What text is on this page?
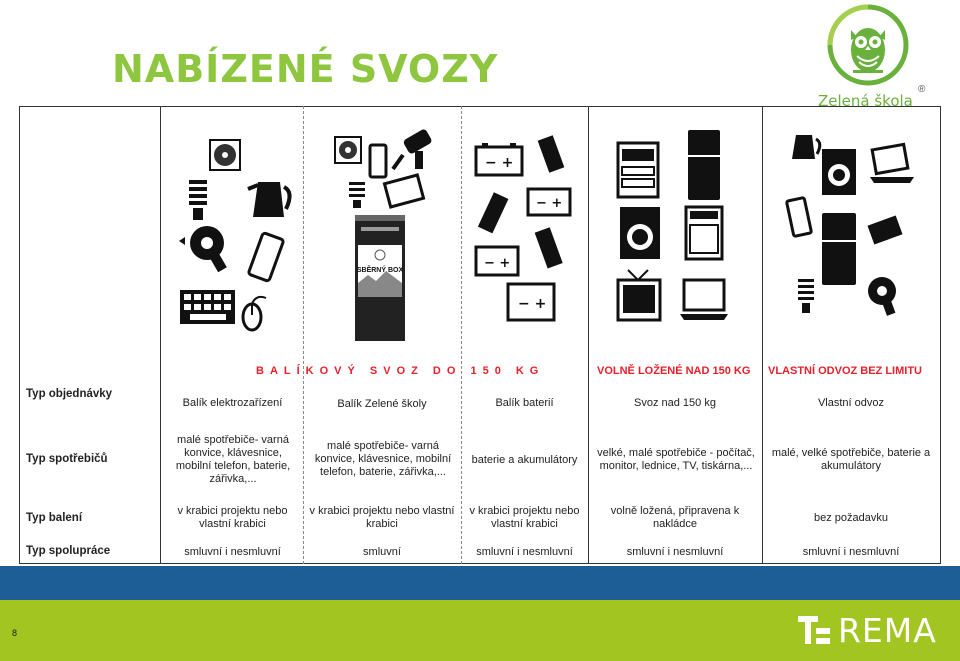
NABÍZENÉ SVOZY
Zelená škola
®
SBĚRNÝ BOX
− +
− +
− +
− +
BALÍKOVÝ SVOZ DO 150 KG	VOLNĚ LOŽENÉ NAD 150 KG VLASTNÍ ODVOZ BEZ LIMITU
Typ objednávky
Typ spotřebičů
Typ balení
Typ spolupráce
Balík elektrozařízení
malé spotřebiče- varná konvice, klávesnice, mobilní telefon, baterie, zářivka,...
v krabici projektu nebo vlastní krabici
smluvní i nesmluvní
Balík Zelené školy
malé spotřebiče- varná konvice, klávesnice, mobilní telefon, baterie, zářivka,...
v krabici projektu nebo vlastní krabici
smluvní
Balík baterií
baterie a akumulátory
v krabici projektu nebo vlastní krabici
smluvní i nesmluvní
Svoz nad 150 kg
velké, malé spotřebiče - počítač, monitor, lednice, TV, tiskárna,...
volně ložená, připravena k nakládce
smluvní i nesmluvní
Vlastní odvoz
malé, velké spotřebiče, baterie a akumulátory
bez požadavku
smluvní i nesmluvní
8	REMA
